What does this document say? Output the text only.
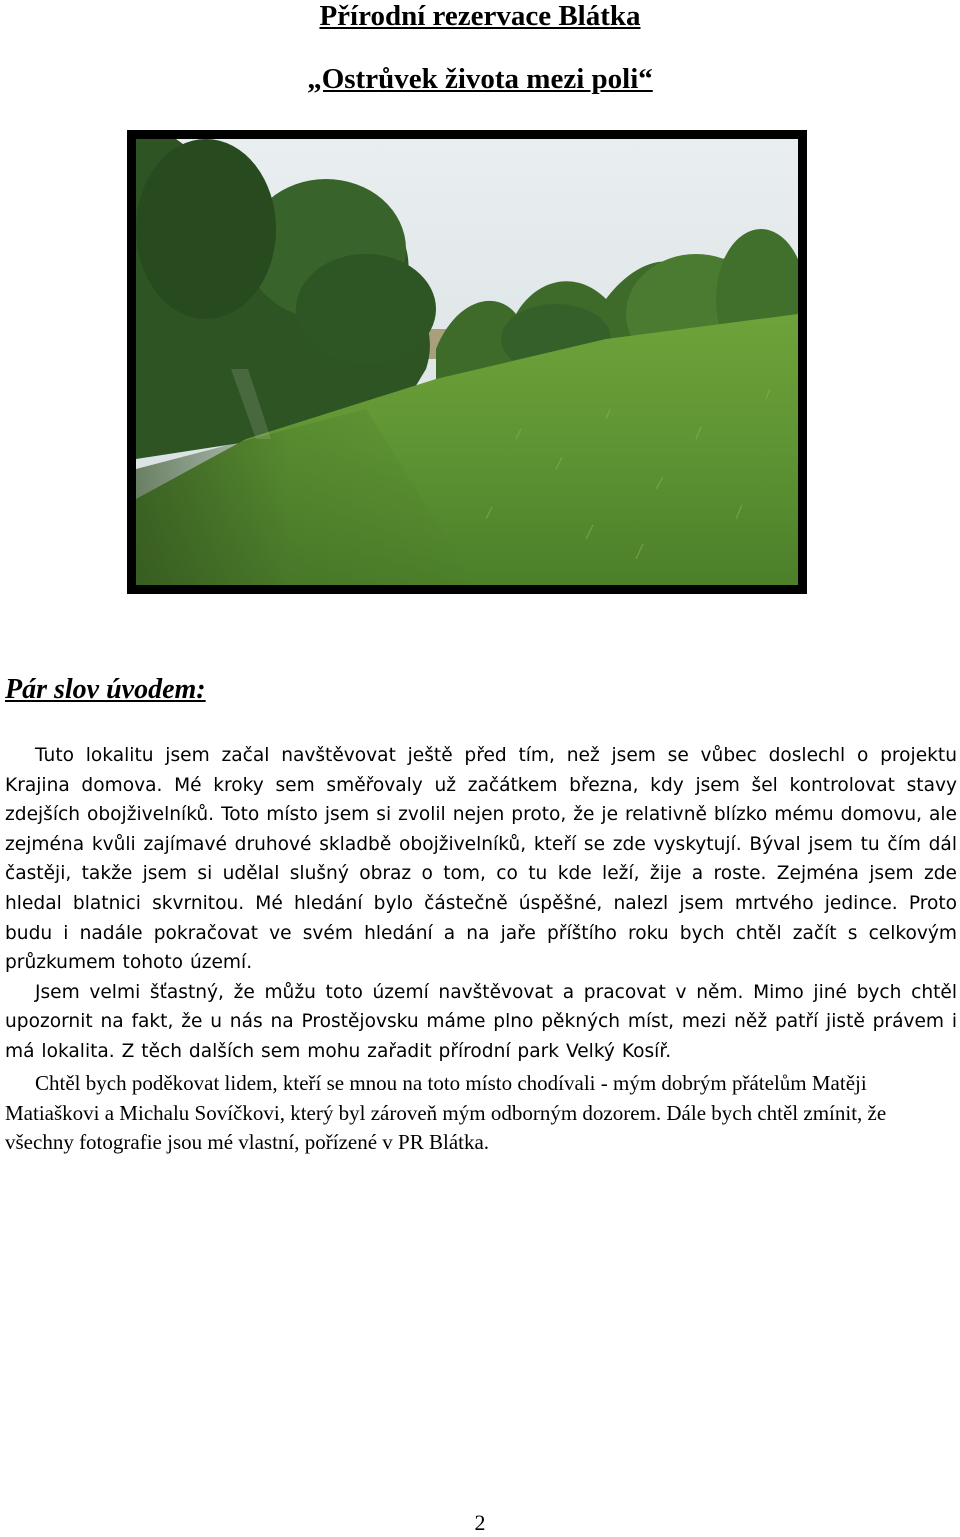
Přírodní rezervace Blátka
„Ostrůvek života mezi poli“
Pár slov úvodem:

Tuto lokalitu jsem začal navštěvovat ještě před tím, než jsem se vůbec doslechl o projektu Krajina domova. Mé kroky sem směřovaly už začátkem března, kdy jsem šel kontrolovat stavy zdejších obojživelníků. Toto místo jsem si zvolil nejen proto, že je relativně blízko mému domovu, ale zejména kvůli zajímavé druhové skladbě obojživelníků, kteří se zde vyskytují. Býval jsem tu čím dál častěji, takže jsem si udělal slušný obraz o tom, co tu kde leží, žije a roste. Zejména jsem zde hledal blatnici skvrnitou. Mé hledání bylo částečně úspěšné, nalezl jsem mrtvého jedince. Proto budu i nadále pokračovat ve svém hledání a na jaře příštího roku bych chtěl začít s celkovým průzkumem tohoto území.

Jsem velmi šťastný, že můžu toto území navštěvovat a pracovat v něm. Mimo jiné bych chtěl upozornit na fakt, že u nás na Prostějovsku máme plno pěkných míst, mezi něž patří jistě právem i má lokalita. Z těch dalších sem mohu zařadit přírodní park Velký Kosíř.

Chtěl bych poděkovat lidem, kteří se mnou na toto místo chodívali - mým dobrým přátelům Matěji Matiaškovi a Michalu Sovíčkovi, který byl zároveň mým odborným dozorem. Dále bych chtěl zmínit, že všechny fotografie jsou mé vlastní, pořízené v PR Blátka.

2
